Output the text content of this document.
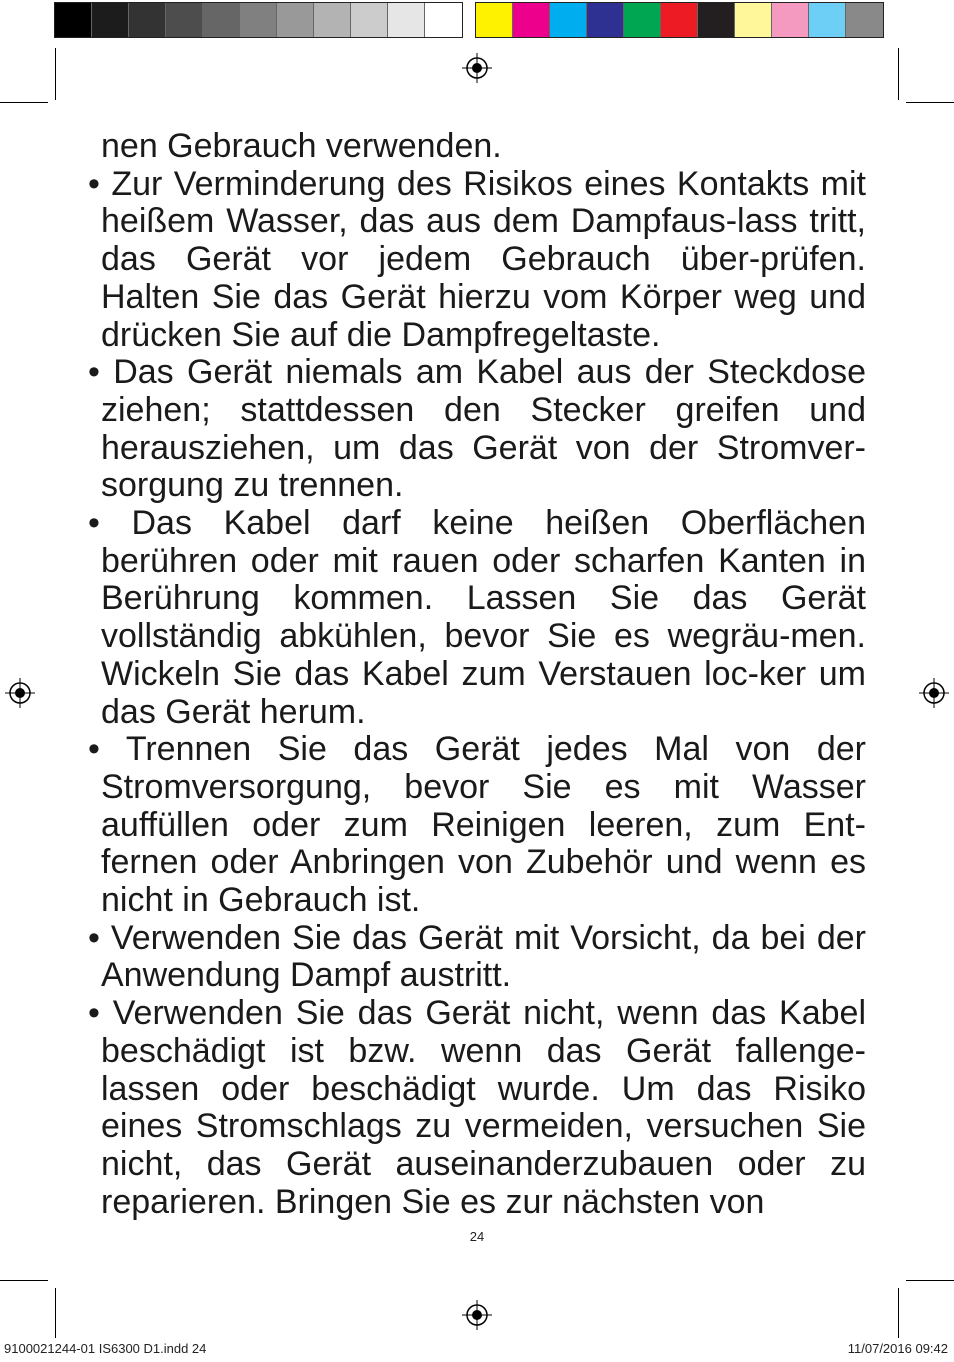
nen Gebrauch verwenden.

• Zur Verminderung des Risikos eines Kontakts mit heißem Wasser, das aus dem Dampfaus-lass tritt, das Gerät vor jedem Gebrauch über-prüfen. Halten Sie das Gerät hierzu vom Körper weg und drücken Sie auf die Dampfregeltaste.

• Das Gerät niemals am Kabel aus der Steckdose ziehen; stattdessen den Stecker greifen und herausziehen, um das Gerät von der Stromver-sorgung zu trennen.

• Das Kabel darf keine heißen Oberflächen berühren oder mit rauen oder scharfen Kanten in Berührung kommen. Lassen Sie das Gerät vollständig abkühlen, bevor Sie es wegräu-men. Wickeln Sie das Kabel zum Verstauen loc-ker um das Gerät herum.

• Trennen Sie das Gerät jedes Mal von der Stromversorgung, bevor Sie es mit Wasser auffüllen oder zum Reinigen leeren, zum Ent-fernen oder Anbringen von Zubehör und wenn es nicht in Gebrauch ist.

• Verwenden Sie das Gerät mit Vorsicht, da bei der Anwendung Dampf austritt.

• Verwenden Sie das Gerät nicht, wenn das Kabel beschädigt ist bzw. wenn das Gerät fallenge-lassen oder beschädigt wurde. Um das Risiko eines Stromschlags zu vermeiden, versuchen Sie nicht, das Gerät auseinanderzubauen oder zu reparieren. Bringen Sie es zur nächsten von

24
9100021244-01 IS6300 D1.indd 24	11/07/2016 09:42
